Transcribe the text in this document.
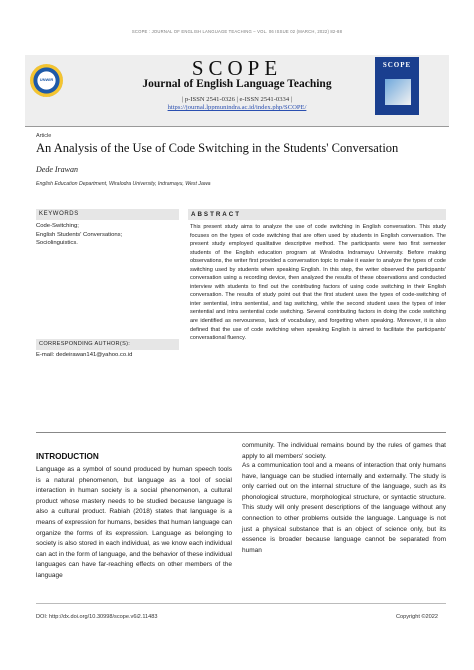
SCOPE : JOURNAL OF ENGLISH LANGUAGE TEACHING – VOL. 06 ISSUE 02 (MARCH, 2022) 82-88
UNWIR	SCOPE
Journal of English Language Teaching
| p-ISSN 2541-0326 | e-ISSN 2541-0334 |
https://journal.lppmunindra.ac.id/index.php/SCOPE/
SCOPE
Article
An Analysis of the Use of Code Switching in the Students' Conversation
Dede Irawan
English Education Department, Wiralodra University, Indramayu, West Jawa
KEYWORDS
Code-Switching;
English Students' Conversations;
Sociolinguistics.
CORRESPONDING AUTHOR(S):
E-mail: dedeirawan141@yahoo.co.id
ABSTRACT
This present study aims to analyze the use of code switching in English conversation. This study focuses on the types of code switching that are often used by students in English conversation. The present study employed qualitative descriptive method. The participants were two first semester students of the English education program at Wiralodra Indramayu University. Before making observations, the writer first provided a conversation topic to make it easier to analyze the types of code switching used by students when speaking English. In this step, the writer observed the participants' conversation using a recording device, then analyzed the results of these observations and conducted interview with students to find out the contributing factors of using code switching in their English conversation. The results of study point out that the first student uses the types of code-switching of inter sentential, intra sentential, and tag switching, while the second student uses the types of inter sentential and intra sentential code switching. Several contributing factors in doing the code switching are identified as nervousness, lack of vocabulary, and forgetting when speaking. Moreover, it is also defined that the use of code switching when speaking English is aimed to facilitate the participants' conversational fluency.
INTRODUCTION
Language as a symbol of sound produced by human speech tools is a natural phenomenon, but language as a tool of social interaction in human society is a social phenomenon, a cultural product whose mastery needs to be studied because language is also a cultural product. Rabiah (2018) states that language is a means of expression for humans, besides that human language can organize the forms of its expression. Language as belonging to society is also stored in each individual, as we know each individual can act in the form of language, and the behavior of these individual languages can have far-reaching effects on other members of the language
community. The individual remains bound by the rules of games that apply to all members' society.
As a communication tool and a means of interaction that only humans have, language can be studied internally and externally. The study is only carried out on the internal structure of the language, such as its phonological structure, morphological structure, or syntactic structure. This study will only present descriptions of the language without any connection to other problems outside the language. Language is not just a physical substance that is an object of science only, but its essence is broader because language cannot be separated from human
DOI: http://dx.doi.org/10.30998/scope.v6i2.11483	Copyright ©2022
